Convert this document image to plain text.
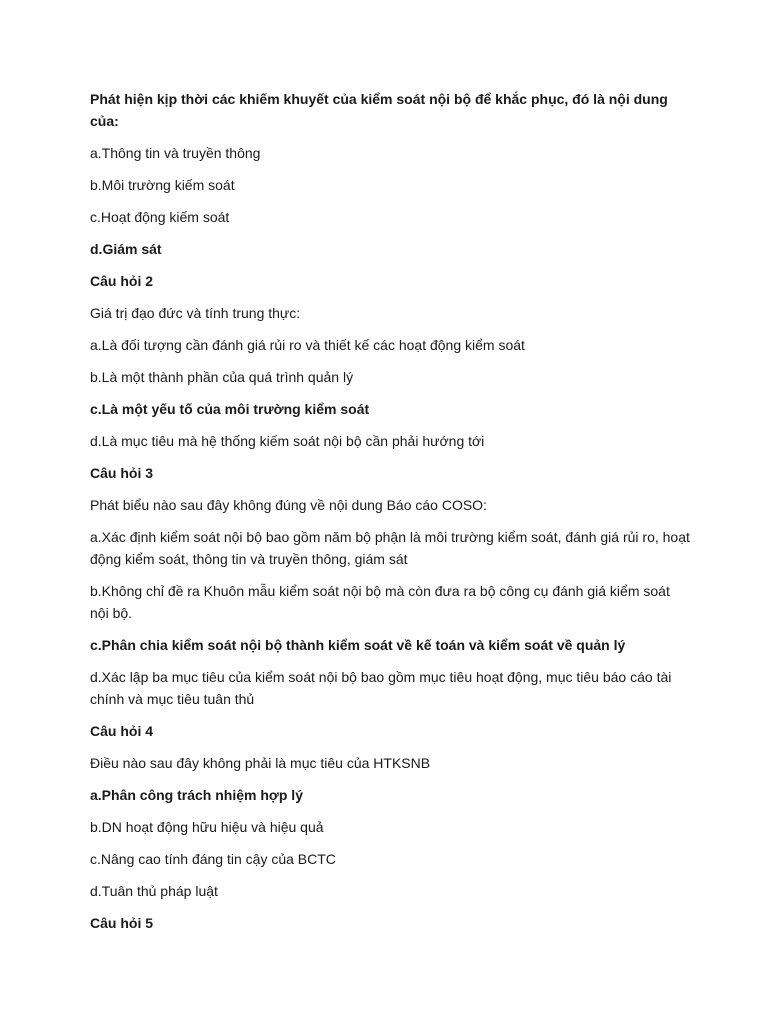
Phát hiện kịp thời các khiếm khuyết của kiểm soát nội bộ để khắc phục, đó là nội dung của:

a.Thông tin và truyền thông

b.Môi trường kiếm soát

c.Hoạt động kiếm soát

d.Giám sát

Câu hỏi 2

Giá trị đạo đức và tính trung thực:

a.Là đối tượng cần đánh giá rủi ro và thiết kế các hoạt động kiểm soát

b.Là một thành phần của quá trình quản lý

c.Là một yếu tố của môi trường kiểm soát

d.Là mục tiêu mà hệ thống kiếm soát nội bộ cần phải hướng tới

Câu hỏi 3

Phát biểu nào sau đây không đúng về nội dung Báo cáo COSO:

a.Xác định kiểm soát nội bộ bao gồm năm bộ phận là môi trường kiểm soát, đánh giá rủi ro, hoạt động kiểm soát, thông tin và truyền thông, giám sát

b.Không chỉ đề ra Khuôn mẫu kiểm soát nội bộ mà còn đưa ra bộ công cụ đánh giá kiểm soát nội bộ.

c.Phân chia kiểm soát nội bộ thành kiểm soát về kế toán và kiểm soát về quản lý

d.Xác lập ba mục tiêu của kiểm soát nội bộ bao gồm mục tiêu hoạt động, mục tiêu báo cáo tài chính và mục tiêu tuân thủ

Câu hỏi 4

Điều nào sau đây không phải là mục tiêu của HTKSNB

a.Phân công trách nhiệm hợp lý

b.DN hoạt động hữu hiệu và hiệu quả

c.Nâng cao tính đáng tin cậy của BCTC

d.Tuân thủ pháp luật

Câu hỏi 5
